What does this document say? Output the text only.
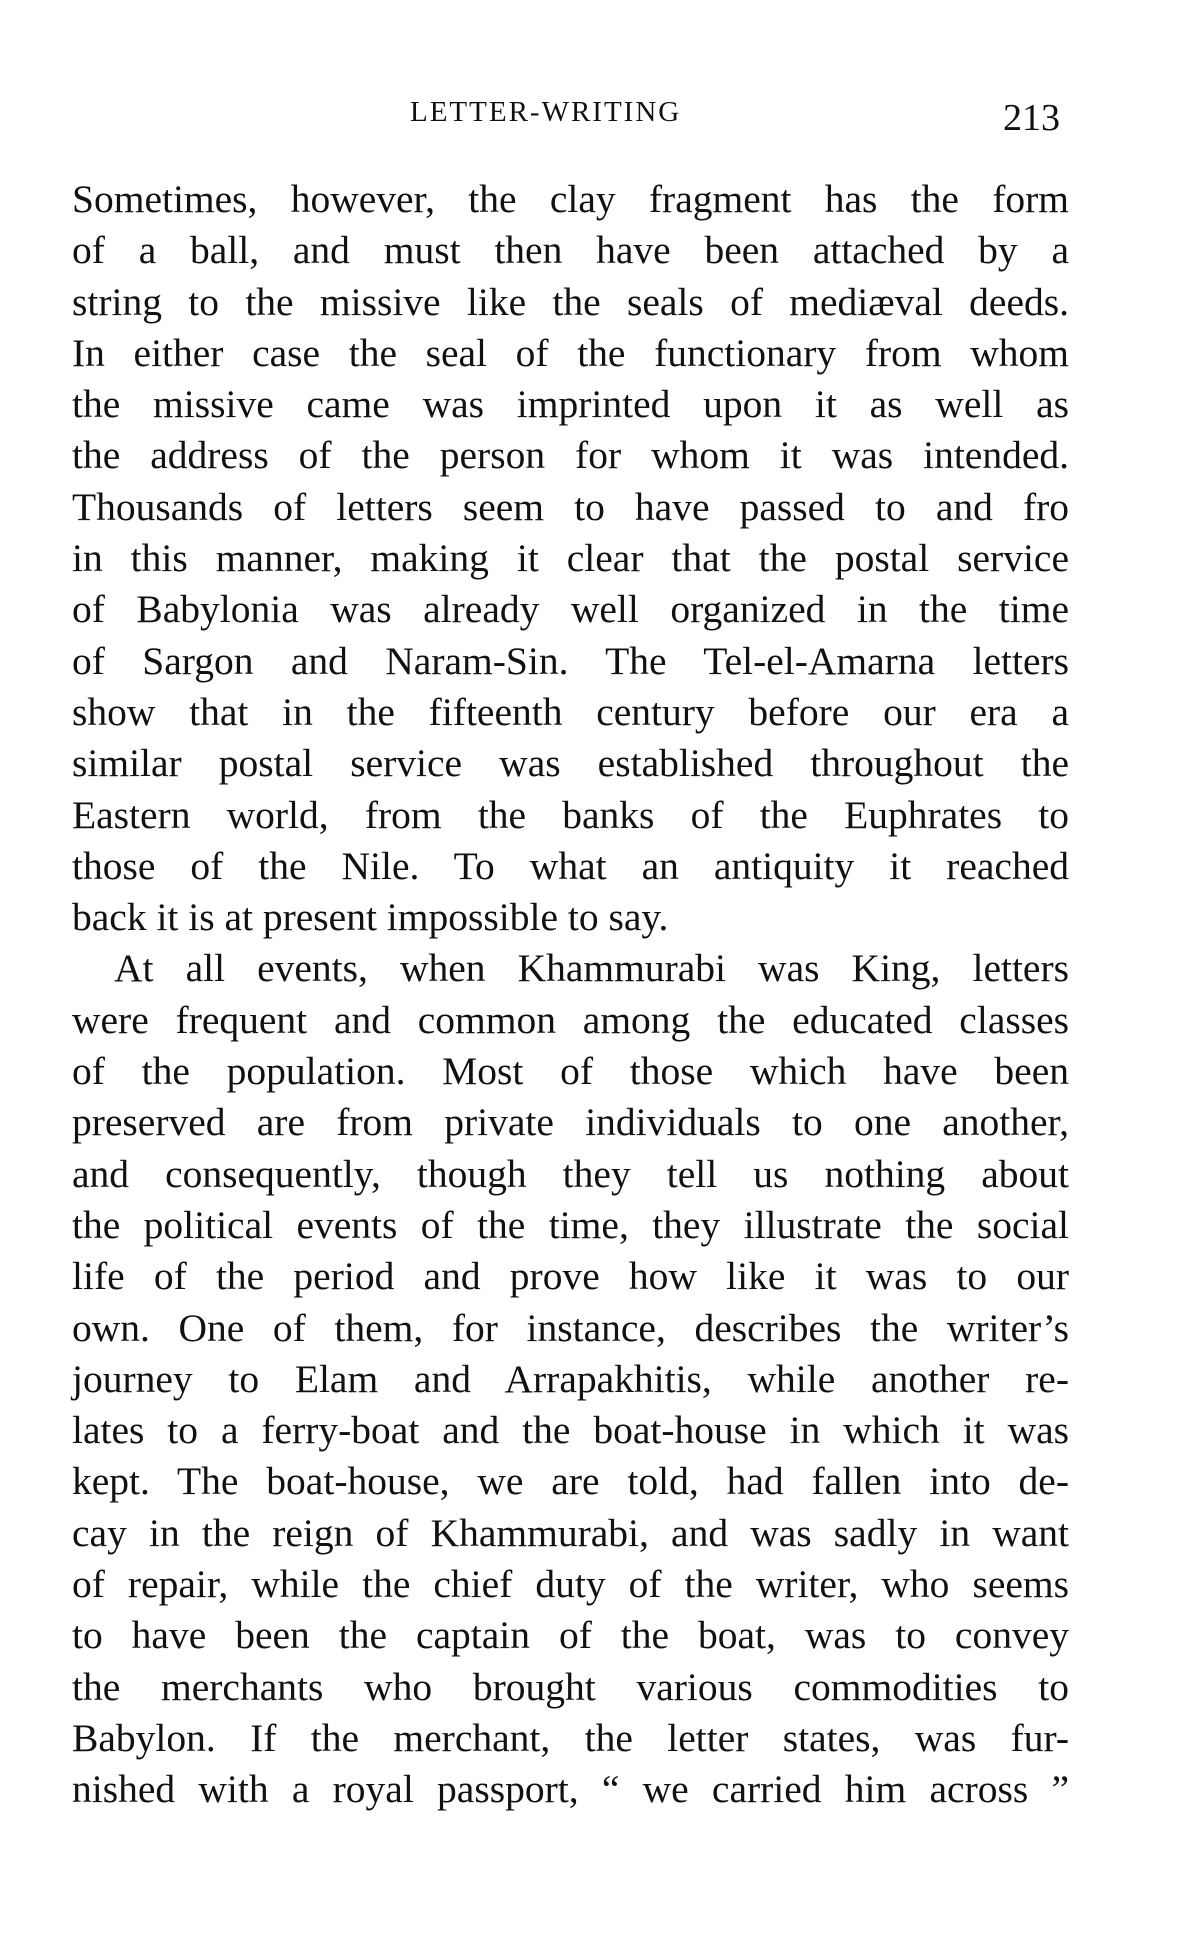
LETTER-WRITING	213
Sometimes, however, the clay fragment has the form
of a ball, and must then have been attached by a
string to the missive like the seals of mediæval deeds.
In either case the seal of the functionary from whom
the missive came was imprinted upon it as well as
the address of the person for whom it was intended.
Thousands of letters seem to have passed to and fro
in this manner, making it clear that the postal service
of Babylonia was already well organized in the time
of Sargon and Naram-Sin. The Tel-el-Amarna letters
show that in the fifteenth century before our era a
similar postal service was established throughout the
Eastern world, from the banks of the Euphrates to
those of the Nile. To what an antiquity it reached
back it is at present impossible to say.
At all events, when Khammurabi was King, letters
were frequent and common among the educated classes
of the population. Most of those which have been
preserved are from private individuals to one another,
and consequently, though they tell us nothing about
the political events of the time, they illustrate the social
life of the period and prove how like it was to our
own. One of them, for instance, describes the writer’s
journey to Elam and Arrapakhitis, while another re-
lates to a ferry-boat and the boat-house in which it was
kept. The boat-house, we are told, had fallen into de-
cay in the reign of Khammurabi, and was sadly in want
of repair, while the chief duty of the writer, who seems
to have been the captain of the boat, was to convey
the merchants who brought various commodities to
Babylon. If the merchant, the letter states, was fur-
nished with a royal passport, “ we carried him across ”
